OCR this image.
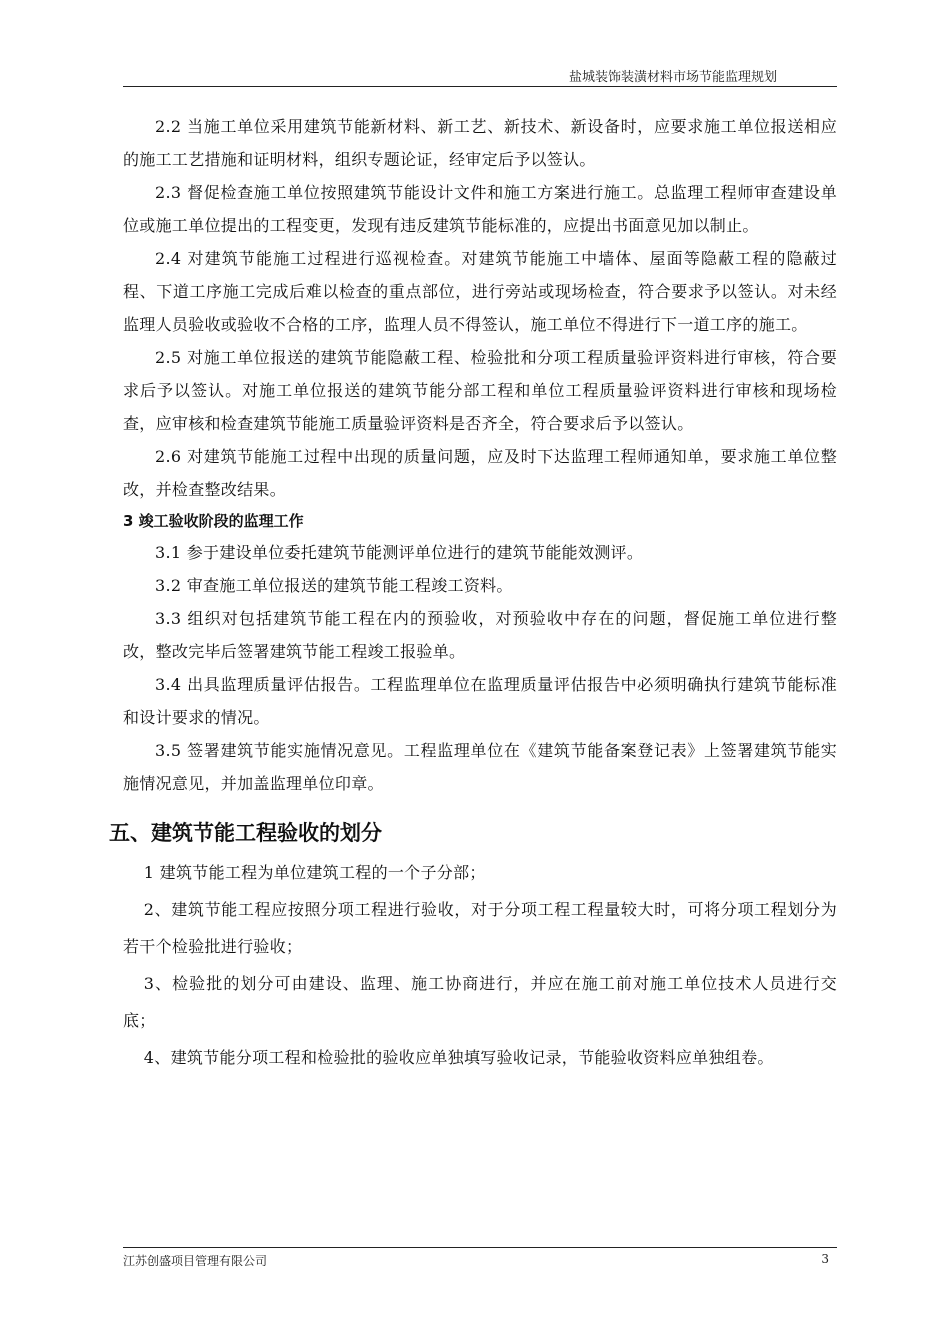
盐城装饰装潢材料市场节能监理规划

2.2 当施工单位采用建筑节能新材料、新工艺、新技术、新设备时，应要求施工单位报送相应的施工工艺措施和证明材料，组织专题论证，经审定后予以签认。

2.3 督促检查施工单位按照建筑节能设计文件和施工方案进行施工。总监理工程师审查建设单位或施工单位提出的工程变更，发现有违反建筑节能标准的，应提出书面意见加以制止。

2.4 对建筑节能施工过程进行巡视检查。对建筑节能施工中墙体、屋面等隐蔽工程的隐蔽过程、下道工序施工完成后难以检查的重点部位，进行旁站或现场检查，符合要求予以签认。对未经监理人员验收或验收不合格的工序，监理人员不得签认，施工单位不得进行下一道工序的施工。

2.5 对施工单位报送的建筑节能隐蔽工程、检验批和分项工程质量验评资料进行审核，符合要求后予以签认。对施工单位报送的建筑节能分部工程和单位工程质量验评资料进行审核和现场检查，应审核和检查建筑节能施工质量验评资料是否齐全，符合要求后予以签认。

2.6 对建筑节能施工过程中出现的质量问题，应及时下达监理工程师通知单，要求施工单位整改，并检查整改结果。

3 竣工验收阶段的监理工作

3.1 参于建设单位委托建筑节能测评单位进行的建筑节能能效测评。

3.2 审查施工单位报送的建筑节能工程竣工资料。

3.3 组织对包括建筑节能工程在内的预验收，对预验收中存在的问题，督促施工单位进行整改，整改完毕后签署建筑节能工程竣工报验单。

3.4 出具监理质量评估报告。工程监理单位在监理质量评估报告中必须明确执行建筑节能标准和设计要求的情况。

3.5 签署建筑节能实施情况意见。工程监理单位在《建筑节能备案登记表》上签署建筑节能实施情况意见，并加盖监理单位印章。

五、建筑节能工程验收的划分

1 建筑节能工程为单位建筑工程的一个子分部；

2、建筑节能工程应按照分项工程进行验收，对于分项工程工程量较大时，可将分项工程划分为若干个检验批进行验收；

3、检验批的划分可由建设、监理、施工协商进行，并应在施工前对施工单位技术人员进行交底；

4、建筑节能分项工程和检验批的验收应单独填写验收记录，节能验收资料应单独组卷。

江苏创盛项目管理有限公司	3
